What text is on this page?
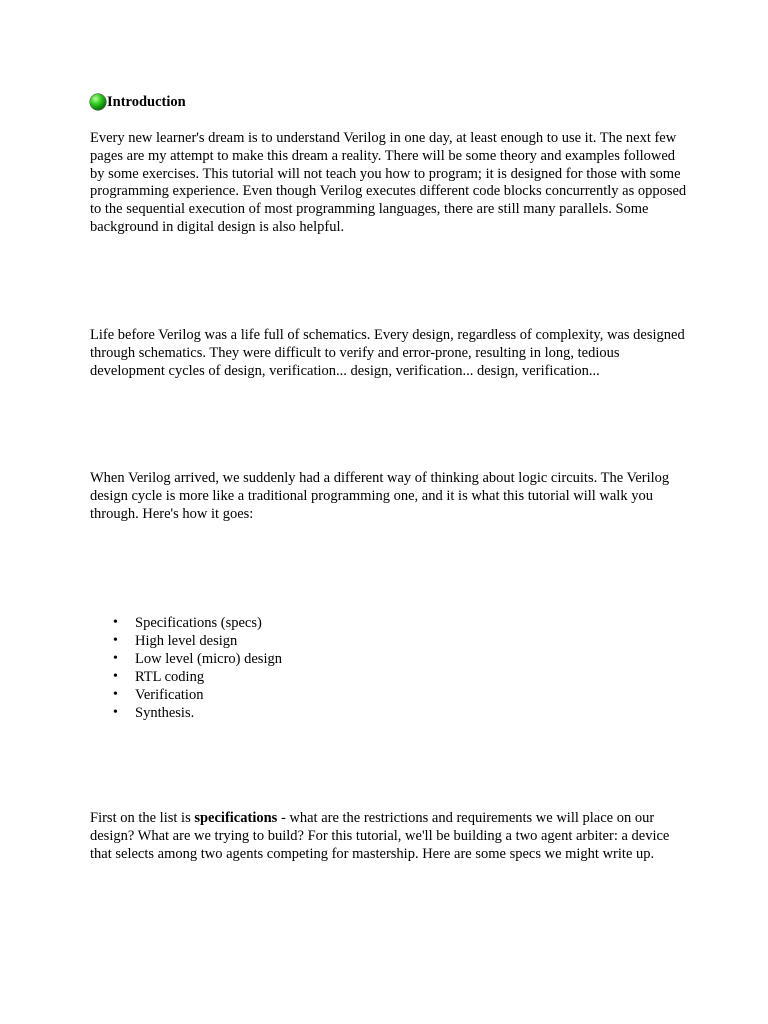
Introduction

Every new learner's dream is to understand Verilog in one day, at least enough to use it. The next few pages are my attempt to make this dream a reality. There will be some theory and examples followed by some exercises. This tutorial will not teach you how to program; it is designed for those with some programming experience. Even though Verilog executes different code blocks concurrently as opposed to the sequential execution of most programming languages, there are still many parallels. Some background in digital design is also helpful.

Life before Verilog was a life full of schematics. Every design, regardless of complexity, was designed through schematics. They were difficult to verify and error-prone, resulting in long, tedious development cycles of design, verification... design, verification... design, verification...

When Verilog arrived, we suddenly had a different way of thinking about logic circuits. The Verilog design cycle is more like a traditional programming one, and it is what this tutorial will walk you through. Here's how it goes:

• Specifications (specs)
• High level design
• Low level (micro) design
• RTL coding
• Verification
• Synthesis.

First on the list is specifications - what are the restrictions and requirements we will place on our design? What are we trying to build? For this tutorial, we'll be building a two agent arbiter: a device that selects among two agents competing for mastership. Here are some specs we might write up.
